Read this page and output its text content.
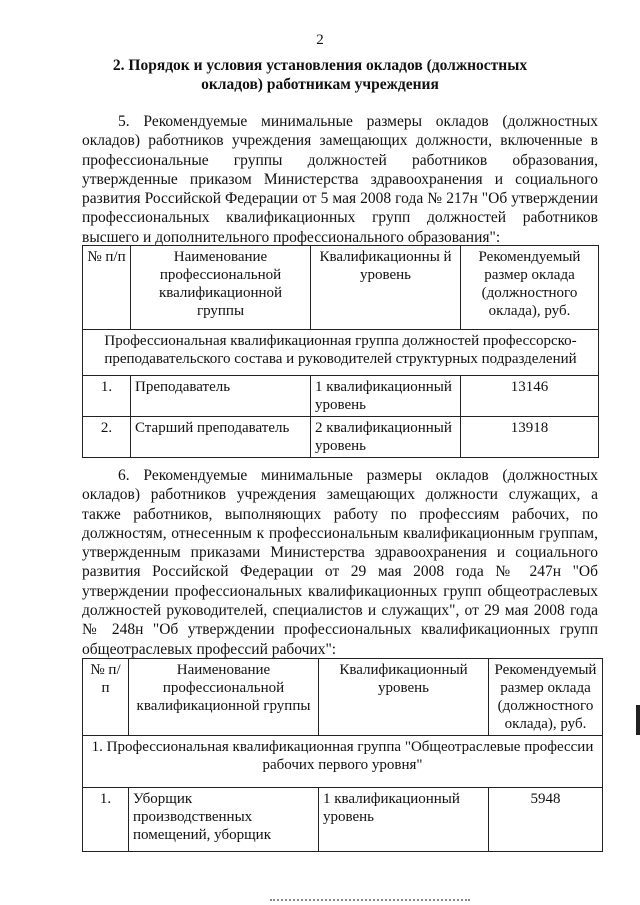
2
2. Порядок и условия установления окладов (должностных окладов) работникам учреждения
5. Рекомендуемые минимальные размеры окладов (должностных окладов) работников учреждения замещающих должности, включенные в профессиональные группы должностей работников образования, утвержденные приказом Министерства здравоохранения и социального развития Российской Федерации от 5 мая 2008 года № 217н "Об утверждении профессиональных квалификационных групп должностей работников высшего и дополнительного профессионального образования":
№ п/п	Наименование профессиональной квалификационной группы	Квалификационны й уровень	Рекомендуемый размер оклада (должностного оклада), руб.
Профессиональная квалификационная группа должностей профессорско-преподавательского состава и руководителей структурных подразделений			
1.	Преподаватель	1 квалификационный уровень	13146
2.	Старший преподаватель	2 квалификационный уровень	13918
6. Рекомендуемые минимальные размеры окладов (должностных окладов) работников учреждения замещающих должности служащих, а также работников, выполняющих работу по профессиям рабочих, по должностям, отнесенным к профессиональным квалификационным группам, утвержденным приказами Министерства здравоохранения и социального развития Российской Федерации от 29 мая 2008 года № 247н "Об утверждении профессиональных квалификационных групп общеотраслевых должностей руководителей, специалистов и служащих", от 29 мая 2008 года № 248н "Об утверждении профессиональных квалификационных групп общеотраслевых профессий рабочих":
№ п/п	Наименование профессиональной квалификационной группы	Квалификационный уровень	Рекомендуемый размер оклада (должностного оклада), руб.
1. Профессиональная квалификационная группа "Общеотраслевые профессии рабочих первого уровня"			
1.	Уборщик производственных помещений, уборщик	1 квалификационный уровень	5948
